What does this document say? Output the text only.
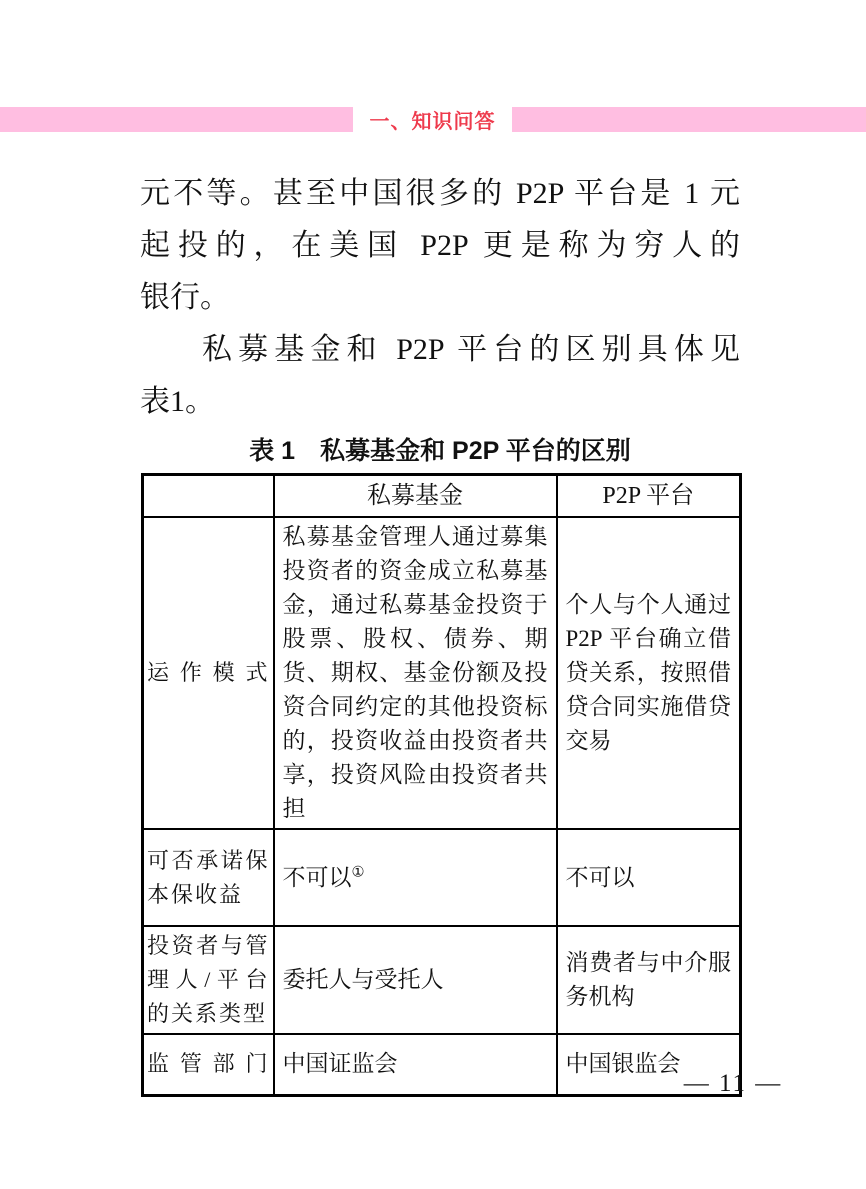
一、知识问答
元不等。甚至中国很多的 P2P 平台是 1 元
起投的，在美国 P2P 更是称为穷人的
银行。
私募基金和 P2P 平台的区别具体见
表1。
表 1　私募基金和 P2P 平台的区别
	私募基金	P2P 平台
运作模式	私募基金管理人通过募集投资者的资金成立私募基金，通过私募基金投资于股票、股权、债券、期货、期权、基金份额及投资合同约定的其他投资标的，投资收益由投资者共享，投资风险由投资者共担	个人与个人通过 P2P 平台确立借贷关系，按照借贷合同实施借贷交易
可否承诺保本保收益	不可以①	不可以
投资者与管理人/平台的关系类型	委托人与受托人	消费者与中介服务机构
监管部门	中国证监会	中国银监会
— 11 —
